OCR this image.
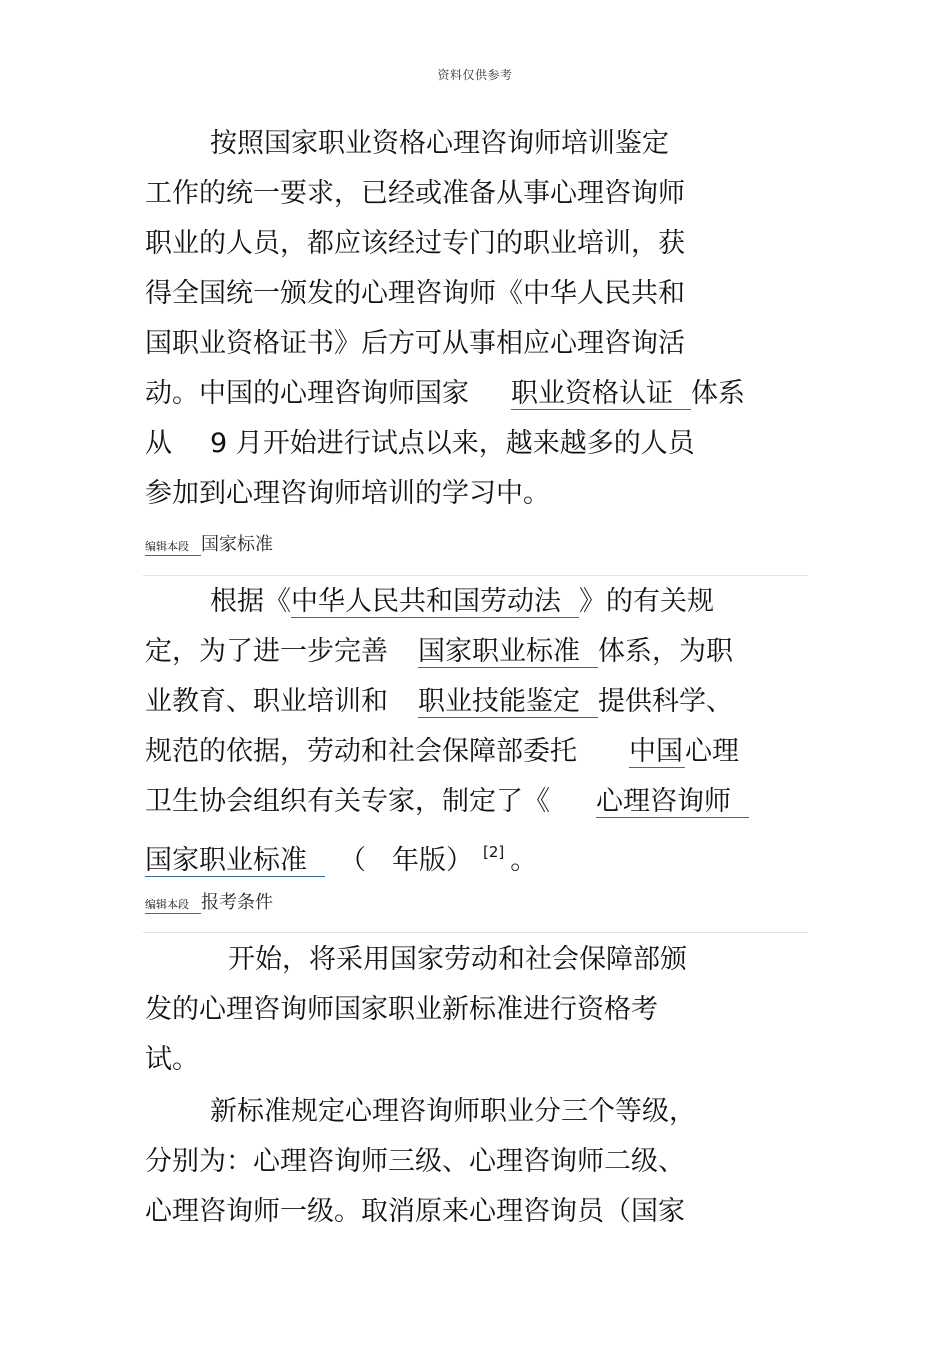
资料仅供参考
按照国家职业资格心理咨询师培训鉴定
工作的统一要求，已经或准备从事心理咨询师
职业的人员，都应该经过专门的职业培训，获
得全国统一颁发的心理咨询师《中华人民共和
国职业资格证书》后方可从事相应心理咨询活
动。中国的心理咨询师国家 职业资格认证 体系
从 9 月开始进行试点以来，越来越多的人员
参加到心理咨询师培训的学习中。
编辑本段 国家标准
根据《中华人民共和国劳动法 》的有关规
定，为了进一步完善 国家职业标准 体系，为职
业教育、职业培训和 职业技能鉴定 提供科学、
规范的依据，劳动和社会保障部委托 中国心理
卫生协会组织有关专家，制定了《 心理咨询师
国家职业标准 （ 年版） [2] 。
编辑本段 报考条件
开始，将采用国家劳动和社会保障部颁
发的心理咨询师国家职业新标准进行资格考
试。
新标准规定心理咨询师职业分三个等级，
分别为：心理咨询师三级、心理咨询师二级、
心理咨询师一级。取消原来心理咨询员（国家
